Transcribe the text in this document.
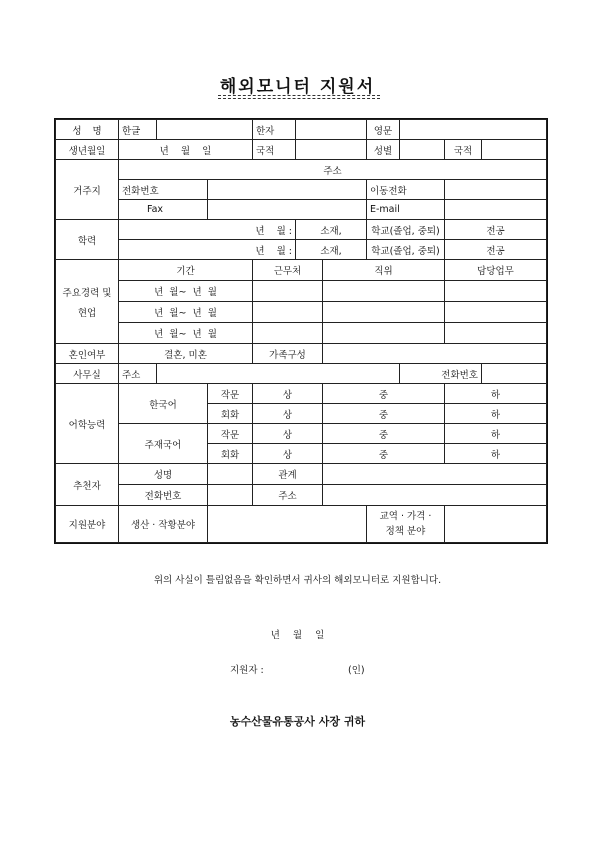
해외모니터 지원서
성 명	한글			한자			영문			
생년월일	년    월    일			국적			성별		국적	
거주지	주소									
	전화번호						이동전화			
	Fax						E-mail			
학력	년    월 :				소재,		학교(졸업, 중퇴)		전공	
	년    월 :				소재,		학교(졸업, 중퇴)		전공	

주요경력 및
현업	기간			근무처		직위			담당업무	
	년  월~  년  월									
	년  월~  년  월									
	년  월~  년  월									
혼인여부	결혼, 미혼			가족구성						
사무실	주소							전화번호		
어학능력	한국어		작문	상		중			하	
			회화	상		중			하	
	주재국어		작문	상		중			하	
			회화	상		중			하	
추천자	성명			관계						
	전화번호			주소						
지원분야	생산 · 작황분야						교역 · 가격 ·
정책 분야			

위의 사실이 틀림없음을 확인하면서 귀사의 해외모니터로 지원합니다.
년 월 일
지원자 :	(인)
농수산물유통공사 사장 귀하
